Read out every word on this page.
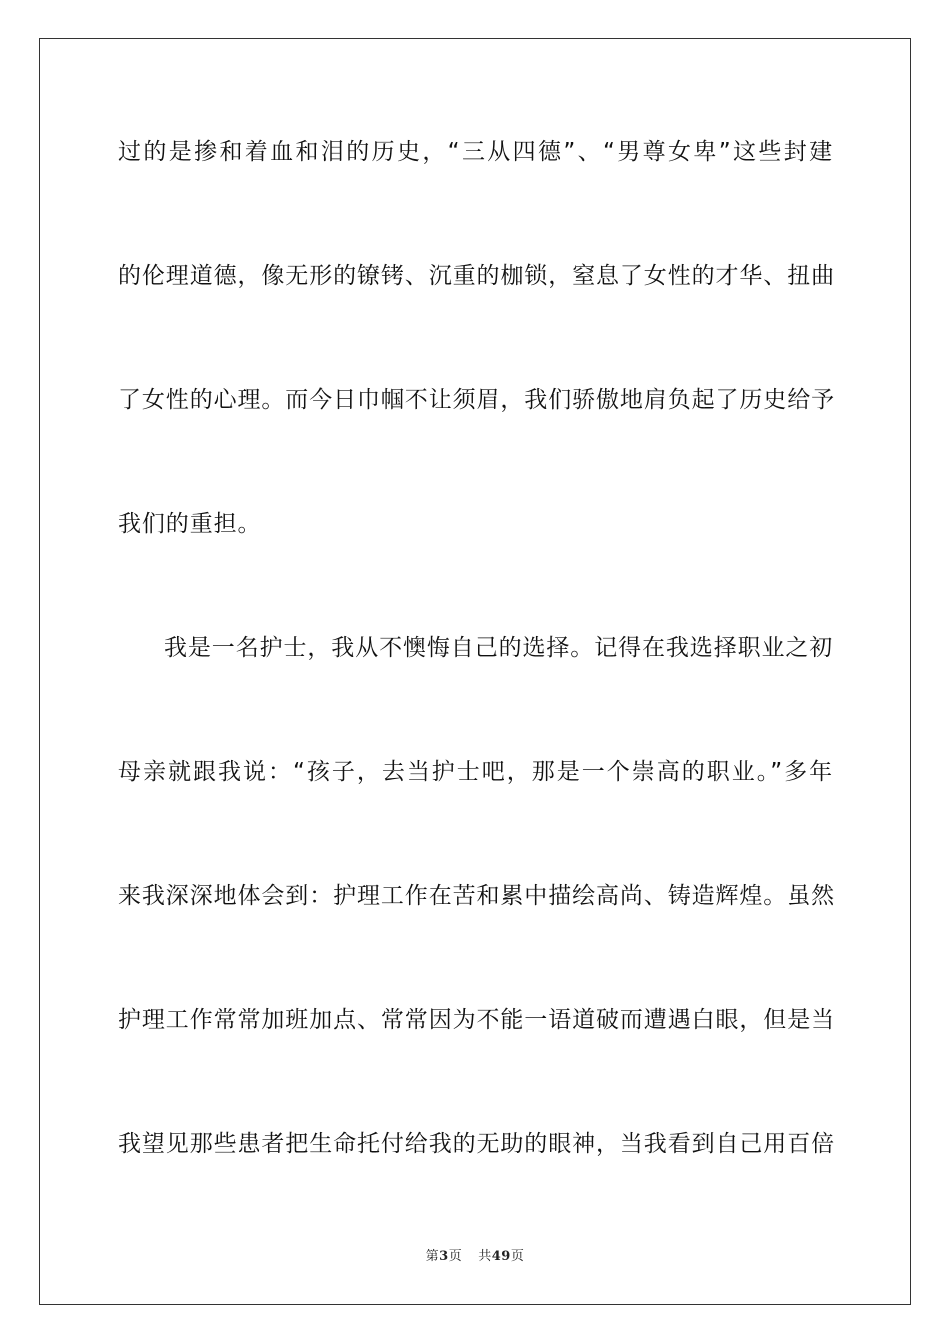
过的是掺和着血和泪的历史，“三从四德”、“男尊女卑”这些封建
的伦理道德，像无形的镣铐、沉重的枷锁，窒息了女性的才华、扭曲
了女性的心理。而今日巾帼不让须眉，我们骄傲地肩负起了历史给予
我们的重担。
我是一名护士，我从不懊悔自己的选择。记得在我选择职业之初
母亲就跟我说：“孩子，去当护士吧，那是一个崇高的职业。”多年
来我深深地体会到：护理工作在苦和累中描绘高尚、铸造辉煌。虽然
护理工作常常加班加点、常常因为不能一语道破而遭遇白眼，但是当
我望见那些患者把生命托付给我的无助的眼神，当我看到自己用百倍
第3页 共49页
